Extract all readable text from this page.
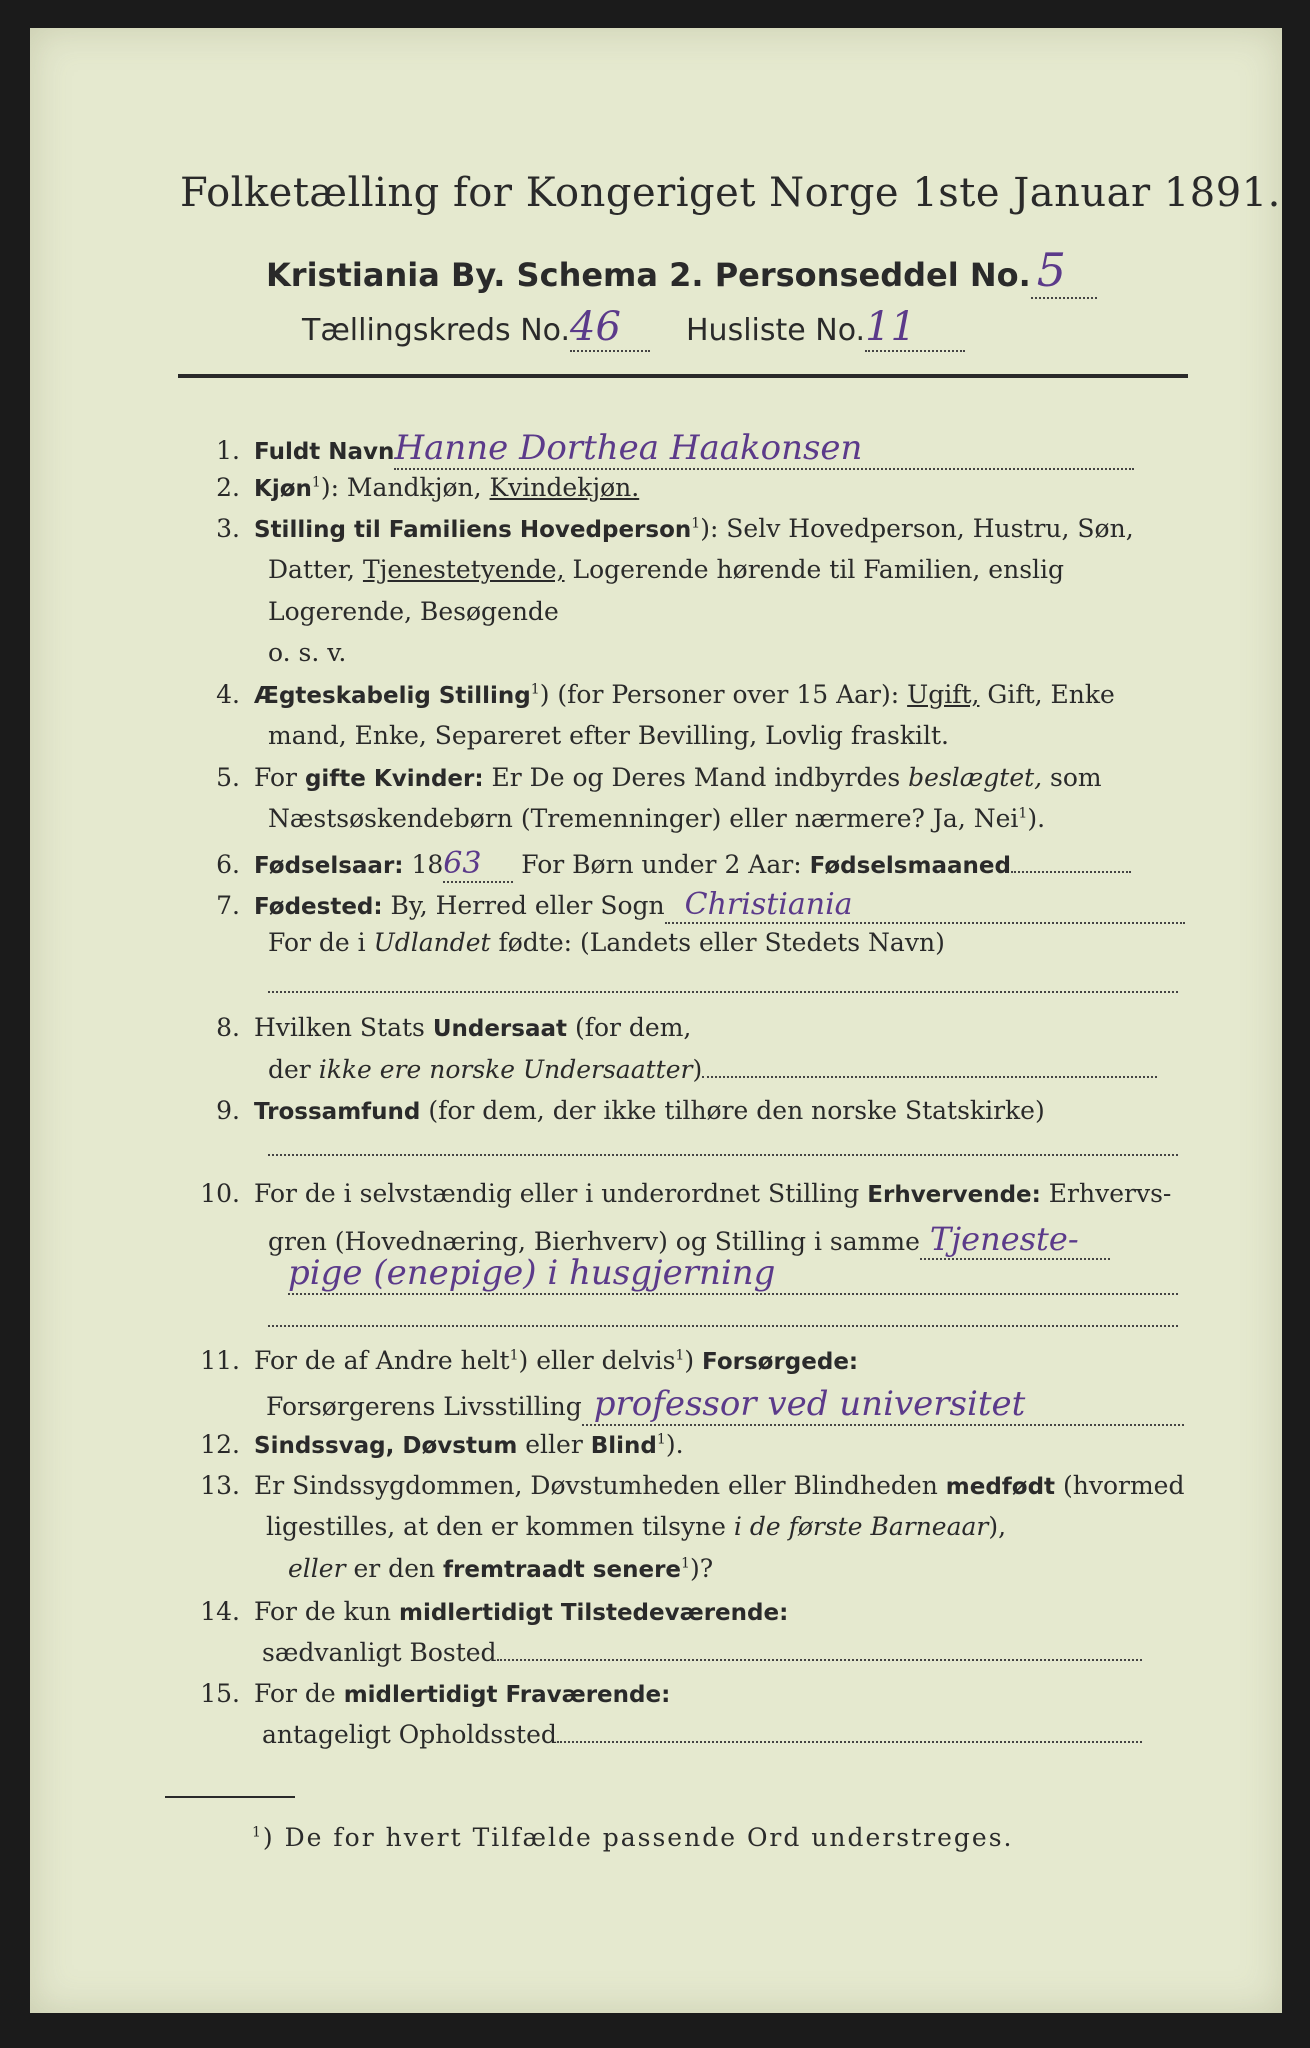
Folketælling for Kongeriget Norge 1ste Januar 1891.
Kristiania By. Schema 2. Personseddel No. 5
Tællingskreds No.46 Husliste No.11
1. Fuldt NavnHanne Dorthea Haakonsen
2. Kjøn$^1$): Mandkjøn, Kvindekjøn.
3. Stilling til Familiens Hovedperson$^1$): Selv Hovedperson, Hustru, Søn,
Datter, Tjenestetyende, Logerende hørende til Familien, enslig
Logerende, Besøgende
o. s. v.
4. Ægteskabelig Stilling$^1$) (for Personer over 15 Aar): Ugift, Gift, Enke
mand, Enke, Separeret efter Bevilling, Lovlig fraskilt.
5. For gifte Kvinder: Er De og Deres Mand indbyrdes beslægtet, som
Næstsøskendebørn (Tremenninger) eller nærmere? Ja, Nei$^1$).
6. Fødselsaar: 1863 For Børn under 2 Aar: Fødselsmaaned
7. Fødested: By, Herred eller Sogn Christiania
For de i Udlandet fødte: (Landets eller Stedets Navn)
8. Hvilken Stats Undersaat (for dem,
der ikke ere norske Undersaatter)
9. Trossamfund (for dem, der ikke tilhøre den norske Statskirke)
10. For de i selvstændig eller i underordnet Stilling Erhvervende: Erhvervs-
gren (Hovednæring, Bierhverv) og Stilling i samme Tjeneste-
pige (enepige) i husgjerning
11. For de af Andre helt$^1$) eller delvis$^1$) Forsørgede:
Forsørgerens Livsstilling professor ved universitet
12. Sindssvag, Døvstum eller Blind$^1$).
13. Er Sindssygdommen, Døvstumheden eller Blindheden medfødt (hvormed
ligestilles, at den er kommen tilsyne i de første Barneaar),
eller er den fremtraadt senere$^1$)?
14. For de kun midlertidigt Tilstedeværende:
sædvanligt Bosted
15. For de midlertidigt Fraværende:
antageligt Opholdssted
$^1$) De for hvert Tilfælde passende Ord understreges.
